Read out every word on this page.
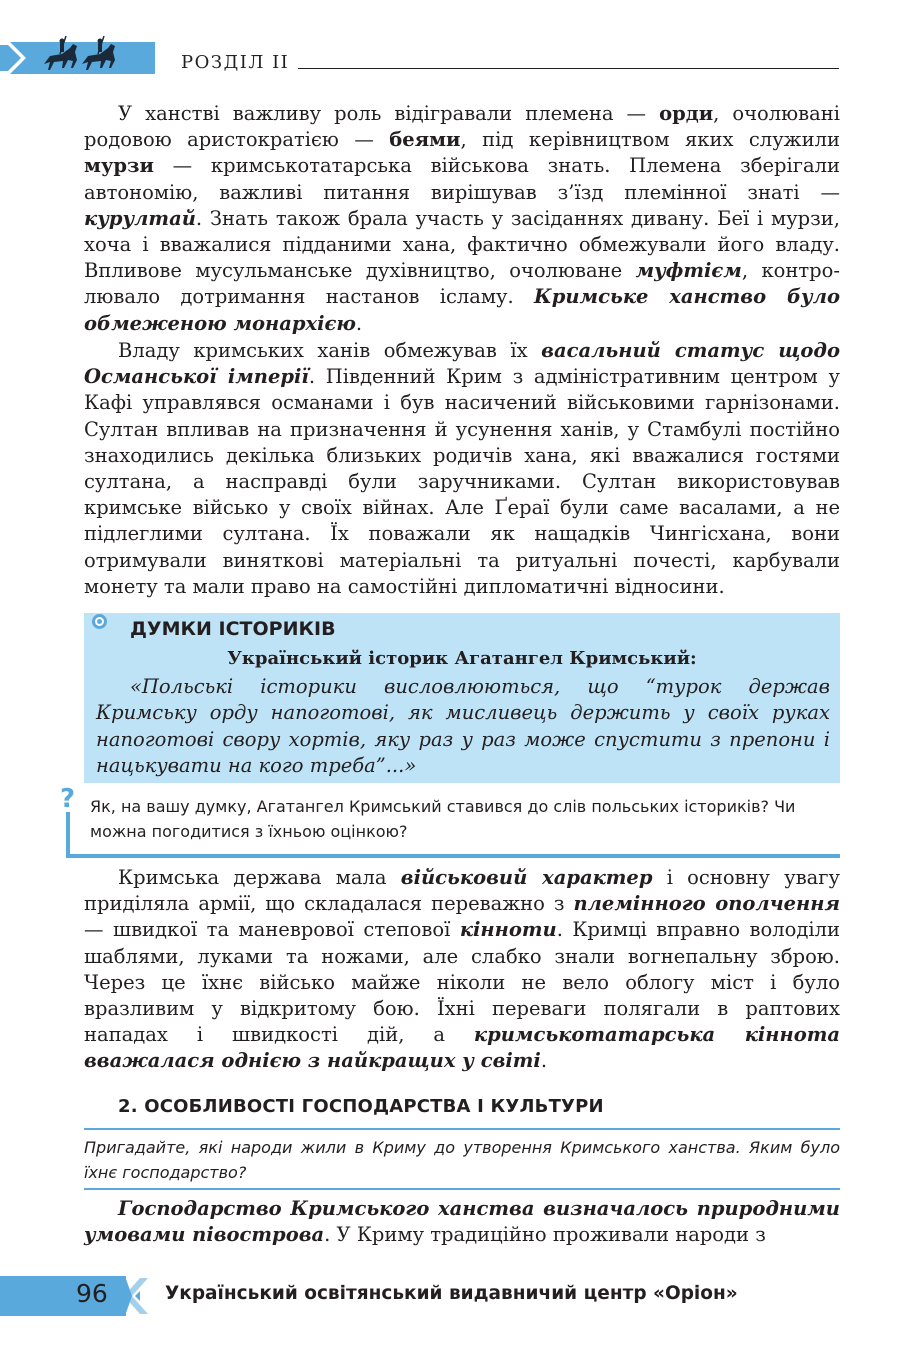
РОЗДІЛ II

У ханстві важливу роль відігравали племена — орди, очолювані родовою аристократією — беями, під керівництвом яких служили мурзи — кримськотатарська військова знать. Племена зберігали автономію, важливі питання вирішував з’їзд племінної знаті — курултай. Знать також брала участь у засіданнях дивану. Беї і мурзи, хоча і вважалися підданими хана, фактично обмежували його владу. Впливове мусульманське духівництво, очолюване муфтієм, контро-лювало дотримання настанов ісламу. Кримське ханство було обмеженою монархією.

Владу кримських ханів обмежував їх васальний статус щодо Османської імперії. Південний Крим з адміністративним центром у Кафі управлявся османами і був насичений військовими гарнізонами. Султан впливав на призначення й усунення ханів, у Стамбулі постійно знаходились декілька близьких родичів хана, які вважалися гостями султана, а насправді були заручниками. Султан використовував кримське військо у своїх війнах. Але Ґераї були саме васалами, а не підлеглими султана. Їх поважали як нащадків Чингісхана, вони отримували виняткові матеріальні та ритуальні почесті, карбували монету та мали право на самостійні дипломатичні відносини.

ДУМКИ ІСТОРИКІВ
Український історик Агатангел Кримський:

«Польські історики висловлюються, що “турок держав Кримську орду напоготові, як мисливець держить у своїх руках напоготові свору хортів, яку раз у раз може спустити з препони і нацькувати на кого треба”...»

? Як, на вашу думку, Агатангел Кримський ставився до слів польських істориків? Чи можна погодитися з їхньою оцінкою?

Кримська держава мала військовий характер і основну увагу приділяла армії, що складалася переважно з племінного ополчення — швидкої та маневрової степової кінноти. Кримці вправно володіли шаблями, луками та ножами, але слабко знали вогнепальну зброю. Через це їхнє військо майже ніколи не вело облогу міст і було вразливим у відкритому бою. Їхні переваги полягали в раптових нападах і швидкості дій, а кримськотатарська кіннота вважалася однією з найкращих у світі.

2. ОСОБЛИВОСТІ ГОСПОДАРСТВА І КУЛЬТУРИ

Пригадайте, які народи жили в Криму до утворення Кримського ханства. Яким було їхнє господарство?

Господарство Кримського ханства визначалось природними умовами півострова. У Криму традиційно проживали народи з

96	Український освітянський видавничий центр «Оріон»
